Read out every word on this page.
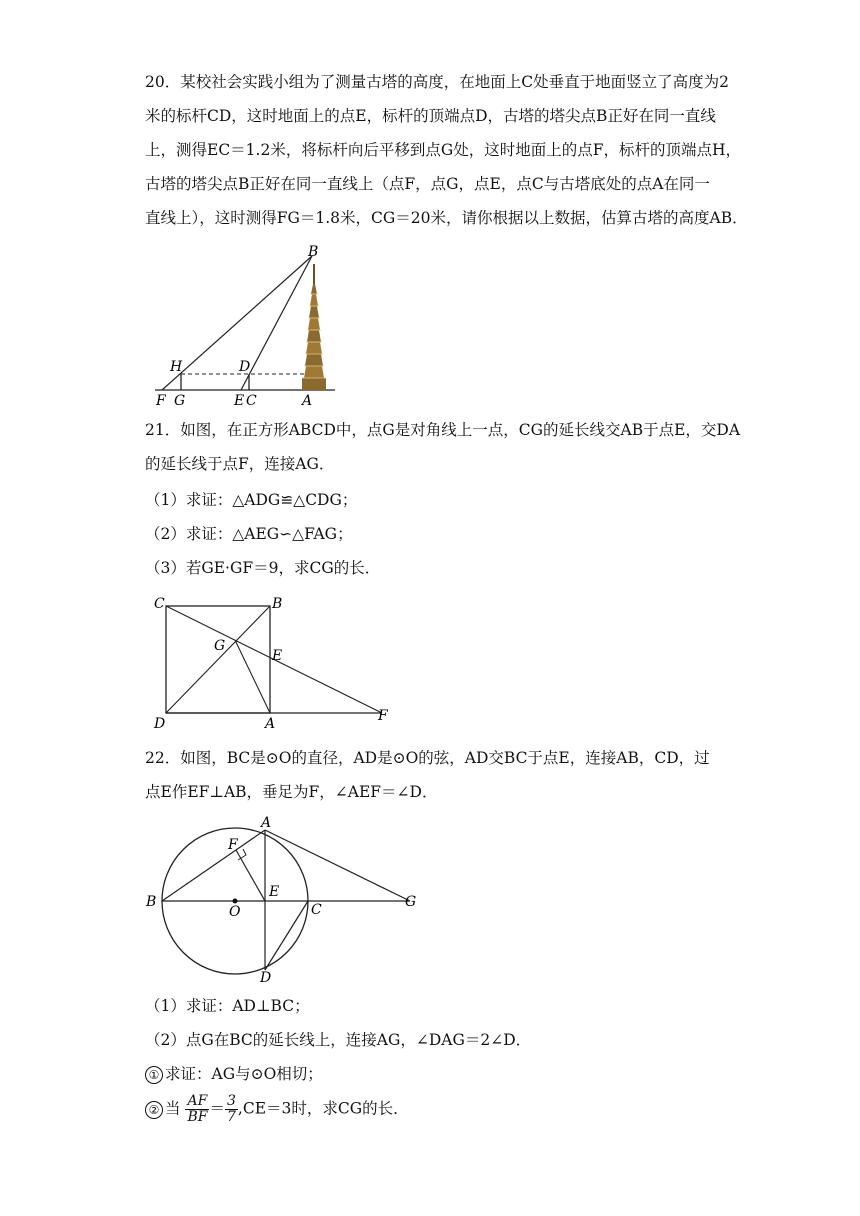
20．某校社会实践小组为了测量古塔的高度，在地面上C处垂直于地面竖立了高度为2
米的标杆CD，这时地面上的点E，标杆的顶端点D，古塔的塔尖点B正好在同一直线
上，测得EC＝1.2米，将标杆向后平移到点G处，这时地面上的点F，标杆的顶端点H，
古塔的塔尖点B正好在同一直线上（点F，点G，点E，点C与古塔底处的点A在同一
直线上），这时测得FG＝1.8米，CG＝20米，请你根据以上数据，估算古塔的高度AB．
B
H	D
F G	E C	A
21．如图，在正方形ABCD中，点G是对角线上一点，CG的延长线交AB于点E，交DA
的延长线于点F，连接AG．
（1）求证：△ADG≌△CDG；
（2）求证：△AEG∽△FAG；
（3）若GE·GF＝9，求CG的长．
C	B
G
E
D	A	F
22．如图，BC是⊙O的直径，AD是⊙O的弦，AD交BC于点E，连接AB，CD，过
点E作EF⊥AB，垂足为F，∠AEF＝∠D．
A
F
B
O
E
C	G
D
（1）求证：AD⊥BC；
（2）点G在BC的延长线上，连接AG，∠DAG＝2∠D．
① 求证：AG与⊙O相切；
② 当 $\frac{AF}{BF} = \frac{3}{7} ,CE=3$时，求CG的长．
